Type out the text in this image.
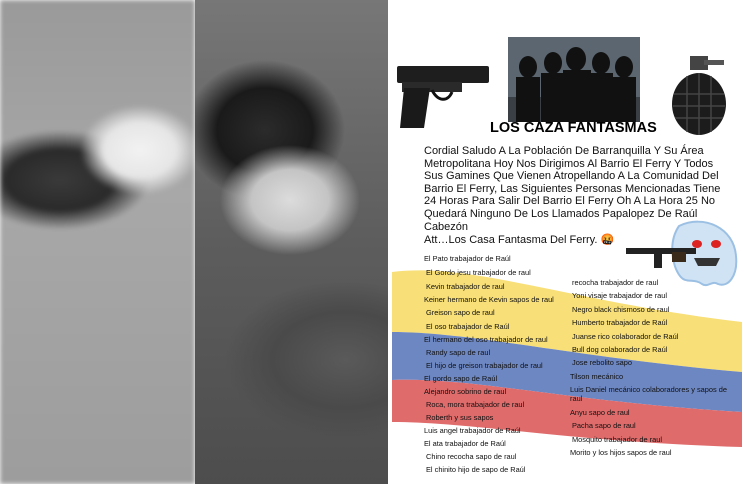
LOS CAZA FANTASMAS
Cordial Saludo A La Población De Barranquilla Y Su Área Metropolitana Hoy Nos Dirigimos Al Barrio El Ferry Y Todos Sus Gamines Que Vienen Atropellando A La Comunidad Del Barrio El Ferry, Las Siguientes Personas Mencionadas Tiene 24 Horas Para Salir Del Barrio El Ferry Oh A La Hora 25 No Quedará Ninguno De Los Llamados Papalopez De Raúl Cabezón
Att…Los Casa Fantasma Del Ferry. 🤬
El Pato trabajador de Raúl
El Gordo jesu trabajador de raul
Kevin trabajador de raul
Keiner hermano de Kevin sapos de raul
Greison sapo de raul
El oso trabajador de Raúl
El hermano del oso trabajador de raul
Randy sapo de raul
El hijo de greison trabajador de raul
El gordo sapo de Raúl
Alejandro sobrino de raul
Roca, mora trabajador de raul
Roberth y sus sapos
Luis angel trabajador de Raúl
El ata trabajador de Raúl
Chino recocha sapo de raul
El chinito hijo de sapo de Raúl
recocha trabajador de raul
Yoni visaje trabajador de raul
Negro black chismoso de raul
Humberto trabajador de Raúl
Juanse rico colaborador de Raúl
Bull dog colaborador de Raúl
Jose rebolito sapo
Tilson mecánico
Luis Daniel mecánico colaboradores y sapos de raul
Anyu sapo de raul
Pacha sapo de raul
Mosquito trabajador de raul
Morito y los hijos sapos de raul
